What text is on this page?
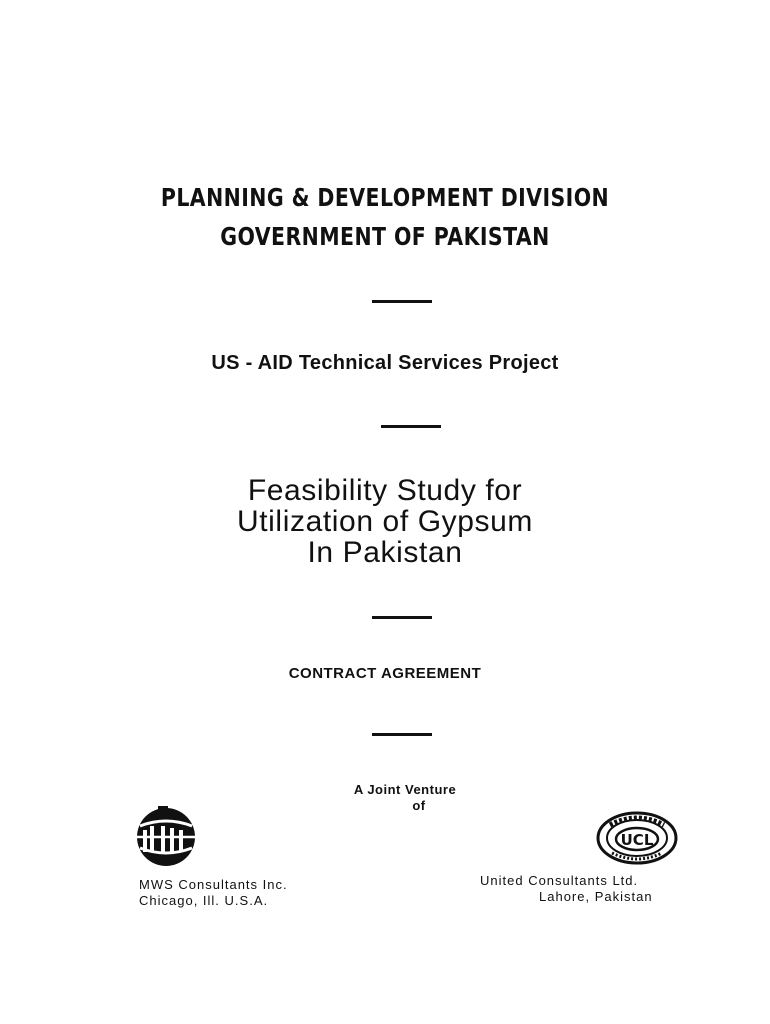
PLANNING & DEVELOPMENT DIVISION
GOVERNMENT OF PAKISTAN
US - AID Technical Services Project
Feasibility Study for
Utilization of Gypsum
In Pakistan
CONTRACT AGREEMENT
A Joint Venture
of
MWS Consultants Inc.
Chicago, Ill. U.S.A.
UCL
United Consultants Ltd.
Lahore, Pakistan
